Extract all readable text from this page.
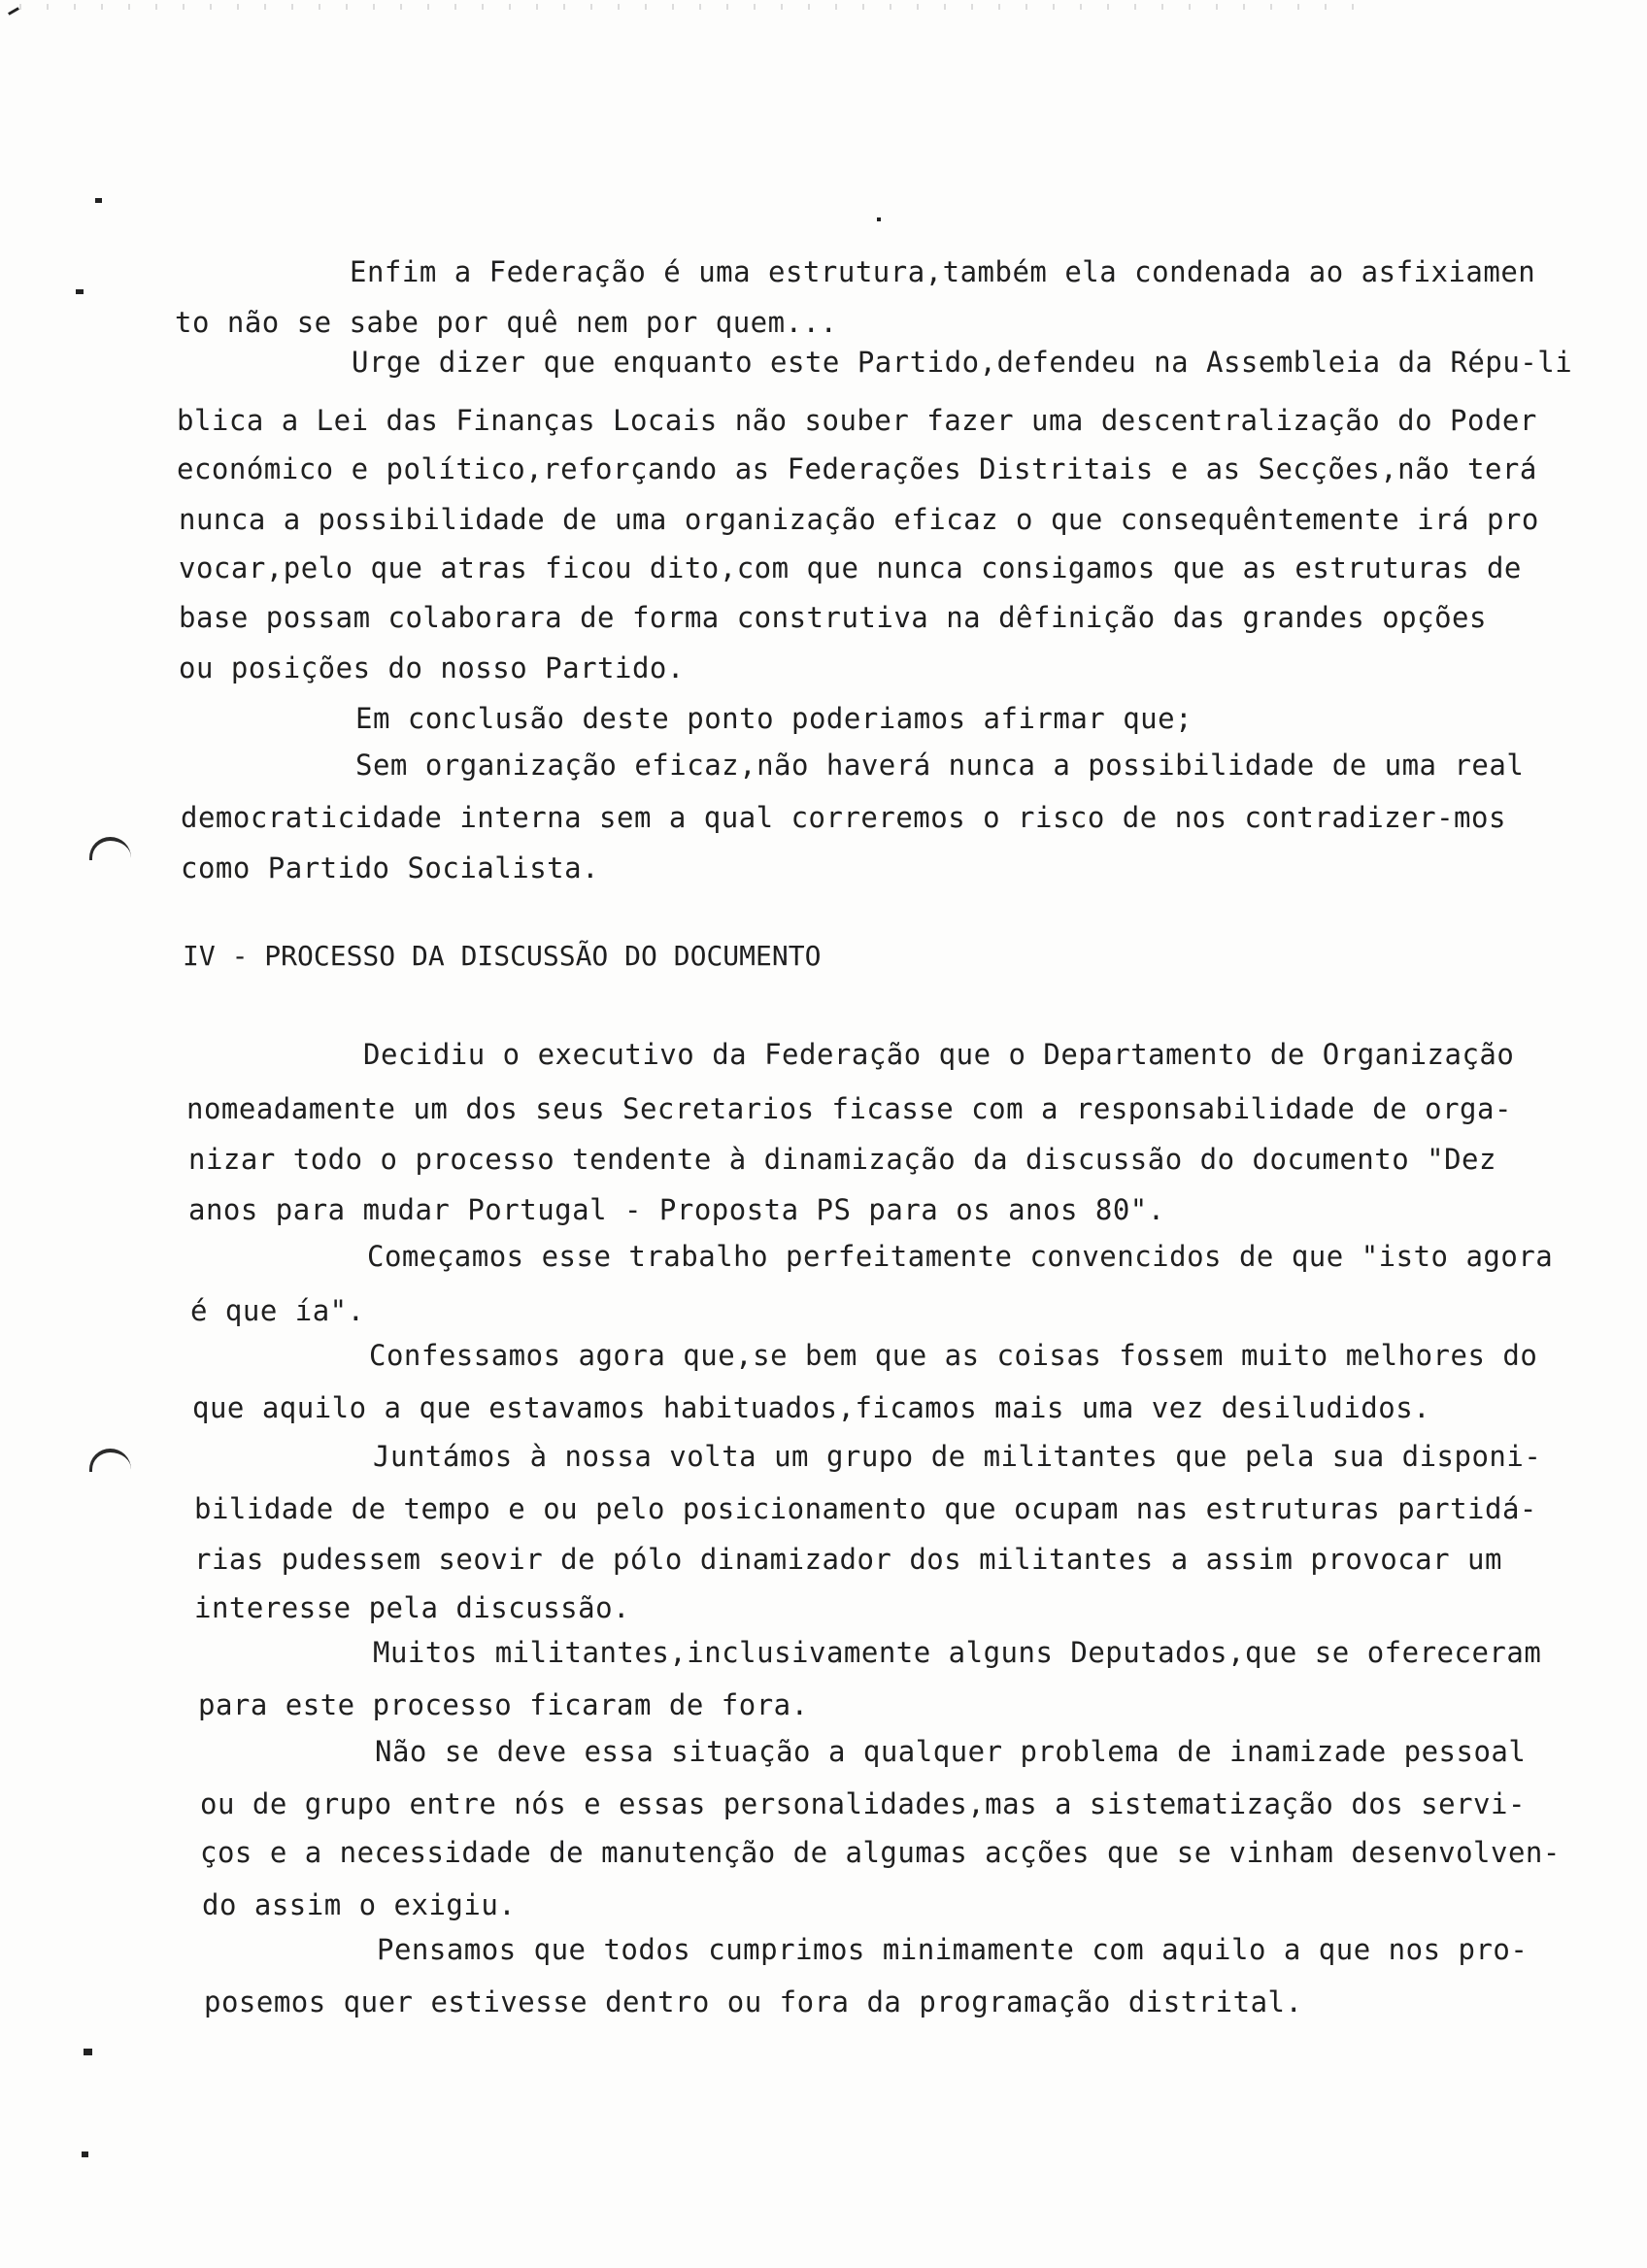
Enfim a Federação é uma estrutura,também ela condenada ao asfixiamen
to não se sabe por quê nem por quem...
Urge dizer que enquanto este Partido,defendeu na Assembleia da Répu-li
blica a Lei das Finanças Locais não souber fazer uma descentralização do Poder
económico e político,reforçando as Federações Distritais e as Secções,não terá
nunca a possibilidade de uma organização eficaz o que consequêntemente irá pro
vocar,pelo que atras ficou dito,com que nunca consigamos que as estruturas de
base possam colaborara de forma construtiva na dêfinição das grandes opções
ou posições do nosso Partido.
Em conclusão deste ponto poderiamos afirmar que;
Sem organização eficaz,não haverá nunca a possibilidade de uma real
democraticidade interna sem a qual correremos o risco de nos contradizer-mos
como Partido Socialista.
IV - PROCESSO DA DISCUSSÃO DO DOCUMENTO
Decidiu o executivo da Federação que o Departamento de Organização
nomeadamente um dos seus Secretarios ficasse com a responsabilidade de orga-
nizar todo o processo tendente à dinamização da discussão do documento "Dez
anos para mudar Portugal - Proposta PS para os anos 80".
Começamos esse trabalho perfeitamente convencidos de que "isto agora
é que ía".
Confessamos agora que,se bem que as coisas fossem muito melhores do
que aquilo a que estavamos habituados,ficamos mais uma vez desiludidos.
Juntámos à nossa volta um grupo de militantes que pela sua disponi-
bilidade de tempo e ou pelo posicionamento que ocupam nas estruturas partidá-
rias pudessem seovir de pólo dinamizador dos militantes a assim provocar um
interesse pela discussão.
Muitos militantes,inclusivamente alguns Deputados,que se ofereceram
para este processo ficaram de fora.
Não se deve essa situação a qualquer problema de inamizade pessoal
ou de grupo entre nós e essas personalidades,mas a sistematização dos servi-
ços e a necessidade de manutenção de algumas acções que se vinham desenvolven-
do assim o exigiu.
Pensamos que todos cumprimos minimamente com aquilo a que nos pro-
posemos quer estivesse dentro ou fora da programação distrital.
